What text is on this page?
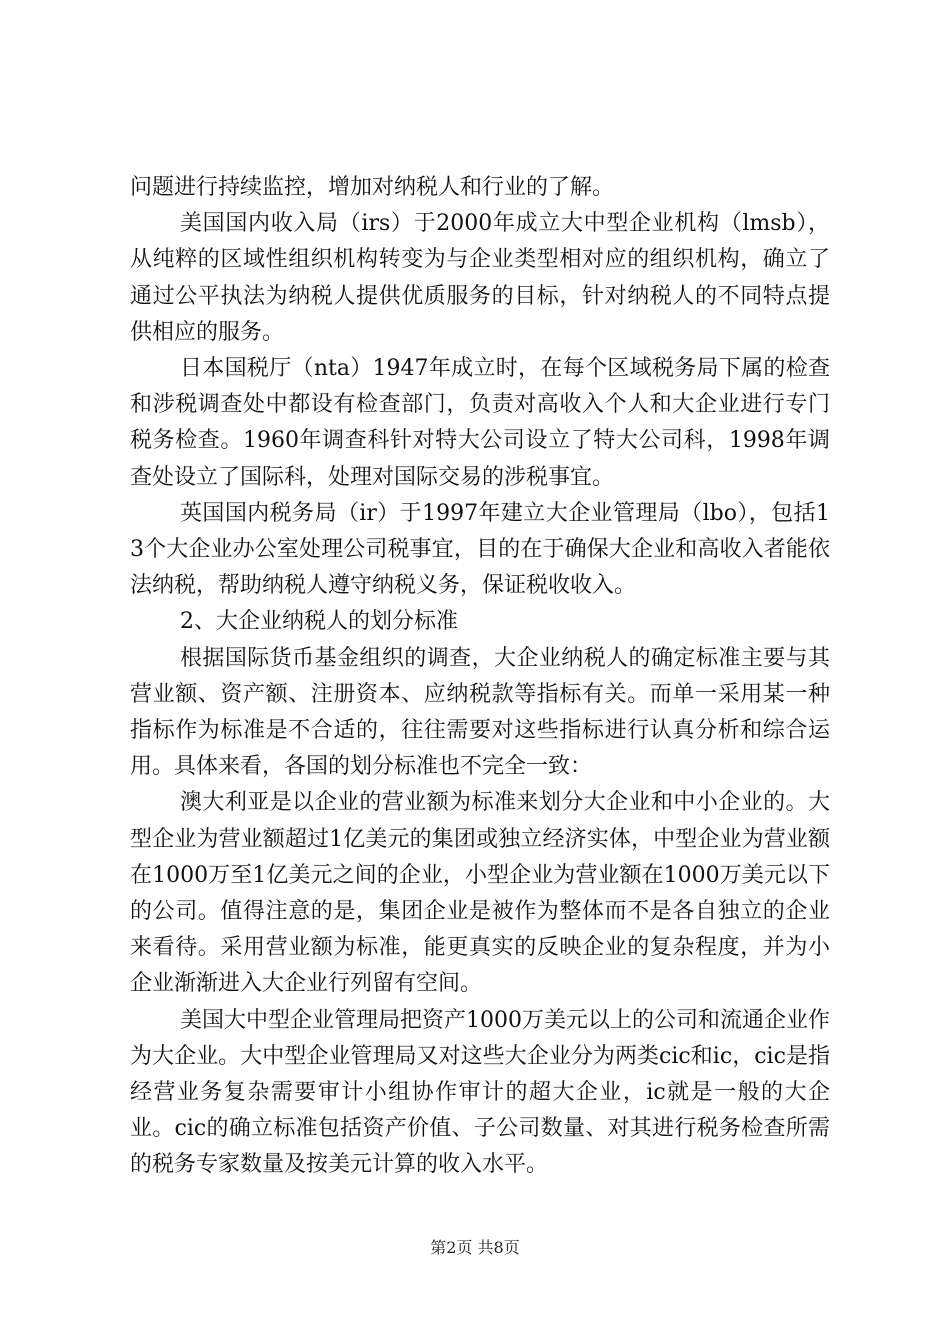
问题进行持续监控，增加对纳税人和行业的了解。

美国国内收入局（irs）于2000年成立大中型企业机构（lmsb），从纯粹的区域性组织机构转变为与企业类型相对应的组织机构，确立了通过公平执法为纳税人提供优质服务的目标，针对纳税人的不同特点提供相应的服务。

日本国税厅（nta）1947年成立时，在每个区域税务局下属的检查和涉税调查处中都设有检查部门，负责对高收入个人和大企业进行专门税务检查。1960年调查科针对特大公司设立了特大公司科，1998年调查处设立了国际科，处理对国际交易的涉税事宜。

英国国内税务局（ir）于1997年建立大企业管理局（lbo），包括13个大企业办公室处理公司税事宜，目的在于确保大企业和高收入者能依法纳税，帮助纳税人遵守纳税义务，保证税收收入。

2、大企业纳税人的划分标准

根据国际货币基金组织的调查，大企业纳税人的确定标准主要与其营业额、资产额、注册资本、应纳税款等指标有关。而单一采用某一种指标作为标准是不合适的，往往需要对这些指标进行认真分析和综合运用。具体来看，各国的划分标准也不完全一致：

澳大利亚是以企业的营业额为标准来划分大企业和中小企业的。大型企业为营业额超过1亿美元的集团或独立经济实体，中型企业为营业额在1000万至1亿美元之间的企业，小型企业为营业额在1000万美元以下的公司。值得注意的是，集团企业是被作为整体而不是各自独立的企业来看待。采用营业额为标准，能更真实的反映企业的复杂程度，并为小企业渐渐进入大企业行列留有空间。

美国大中型企业管理局把资产1000万美元以上的公司和流通企业作为大企业。大中型企业管理局又对这些大企业分为两类cic和ic，cic是指经营业务复杂需要审计小组协作审计的超大企业，ic就是一般的大企业。cic的确立标准包括资产价值、子公司数量、对其进行税务检查所需的税务专家数量及按美元计算的收入水平。

第2页 共8页
